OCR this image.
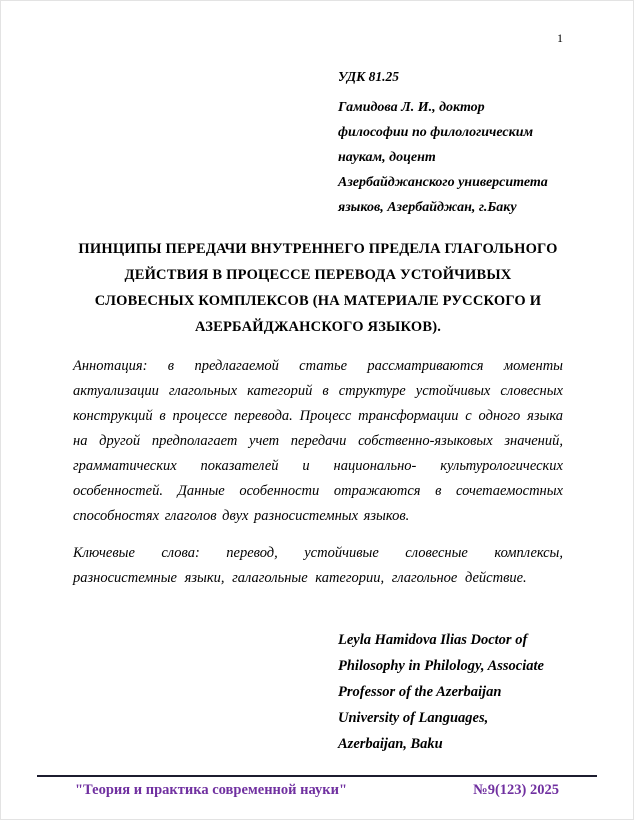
1
УДК 81.25
Гамидова Л. И., доктор
философии по филологическим
наукам, доцент
Азербайджанского университета
языков, Азербайджан, г.Баку
ПИНЦИПЫ ПЕРЕДАЧИ ВНУТРЕННЕГО ПРЕДЕЛА ГЛАГОЛЬНОГО
ДЕЙСТВИЯ В ПРОЦЕССЕ ПЕРЕВОДА УСТОЙЧИВЫХ
СЛОВЕСНЫХ КОМПЛЕКСОВ (НА МАТЕРИАЛЕ РУССКОГО И
АЗЕРБАЙДЖАНСКОГО ЯЗЫКОВ).

Аннотация: в предлагаемой статье рассматриваются моменты актуализации глагольных категорий в структуре устойчивых словесных конструкций в процессе перевода. Процесс трансформации с одного языка на другой предполагает учет передачи собственно-языковых значений, грамматических показателей и национально- культурологических особенностей. Данные особенности отражаются в сочетаемостных способностях глаголов двух разносистемных языков.

Ключевые слова: перевод, устойчивые словесные комплексы, разносистемные языки, галагольные категории, глагольное действие.

Leyla Hamidova Ilias Doctor of
Philosophy in Philology, Associate
Professor of the Azerbaijan
University of Languages,
Azerbaijan, Baku
"Теория и практика современной науки"	№9(123) 2025
